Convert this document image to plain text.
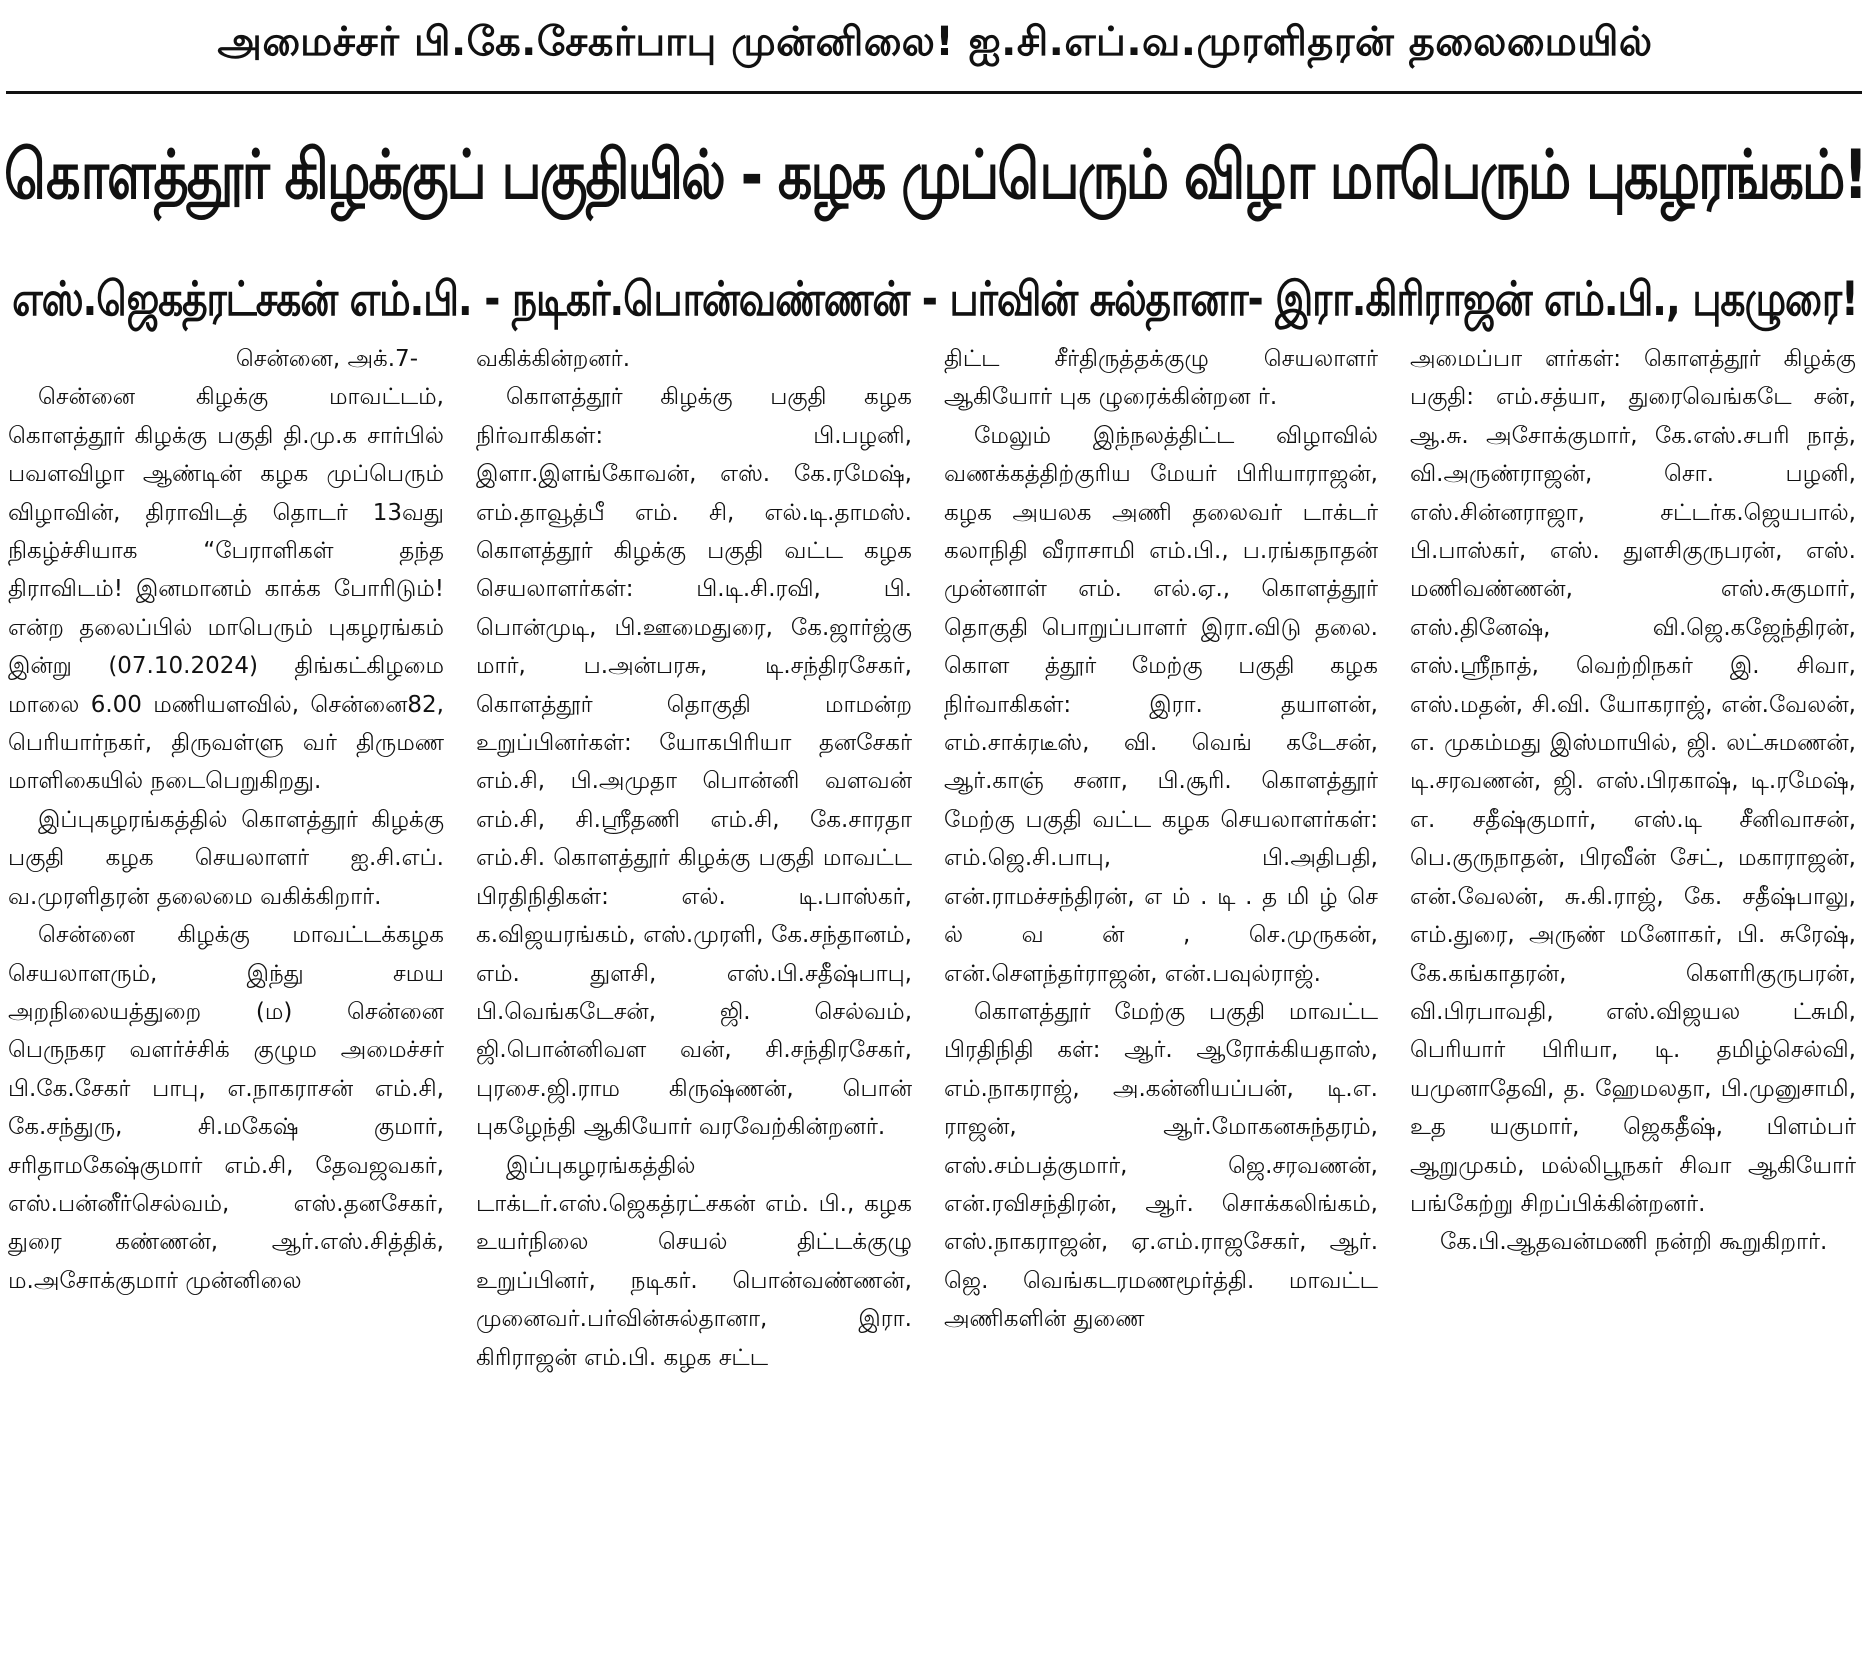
அமைச்சர் பி.கே.சேகர்பாபு முன்னிலை! ஐ.சி.எப்.வ.முரளிதரன் தலைமையில்
கொளத்தூர் கிழக்குப் பகுதியில் - கழக முப்பெரும் விழா மாபெரும் புகழரங்கம்!
எஸ்.ஜெகத்ரட்சகன் எம்.பி. - நடிகர்.பொன்வண்ணன் - பர்வின் சுல்தானா- இரா.கிரிராஜன் எம்.பி., புகழுரை!

சென்னை, அக்.7-

சென்னை கிழக்கு மாவட்டம், கொளத்தூர் கிழக்கு பகுதி தி.மு.க சார்பில் பவளவிழா ஆண்டின் கழக முப்பெரும் விழாவின், திராவிடத் தொடர் 13வது நிகழ்ச்சியாக “பேராளிகள் தந்த திராவிடம்! இனமானம் காக்க போரிடும்! என்ற தலைப்பில் மாபெரும் புகழரங்கம் இன்று (07.10.2024) திங்கட்கிழமை மாலை 6.00 மணியளவில், சென்னை82, பெரியார்நகர், திருவள்ளு வர் திருமண மாளிகையில் நடைபெறுகிறது.

இப்புகழரங்கத்தில் கொளத்தூர் கிழக்கு பகுதி கழக செயலாளர் ஐ.சி.எப். வ.முரளிதரன் தலைமை வகிக்கிறார்.

சென்னை கிழக்கு மாவட்டக்கழக செயலாளரும், இந்து சமய அறநிலையத்துறை (ம) சென்னை பெருநகர வளர்ச்சிக் குழும அமைச்சர் பி.கே.சேகர் பாபு, எ.நாகராசன் எம்.சி, கே.சந்துரு, சி.மகேஷ் குமார், சரிதாமகேஷ்குமார் எம்.சி, தேவஜவகர், எஸ்.பன்னீர்செல்வம், எஸ்.தனசேகர், துரை கண்ணன், ஆர்.எஸ்.சித்திக், ம.அசோக்குமார் முன்னிலை

வகிக்கின்றனர்.

கொளத்தூர் கிழக்கு பகுதி கழக நிர்வாகிகள்: பி.பழனி, இளா.இளங்கோவன், எஸ். கே.ரமேஷ், எம்.தாவூத்பீ எம். சி, எல்.டி.தாமஸ். கொளத்தூர் கிழக்கு பகுதி வட்ட கழக செயலாளர்கள்: பி.டி.சி.ரவி, பி. பொன்முடி, பி.ஊமைதுரை, கே.ஜார்ஜ்கு மார், ப.அன்பரசு, டி.சந்திரசேகர், கொளத்தூர் தொகுதி மாமன்ற உறுப்பினர்கள்: யோகபிரியா தனசேகர் எம்.சி, பி.அமுதா பொன்னி வளவன் எம்.சி, சி.ஸ்ரீதணி எம்.சி, கே.சாரதா எம்.சி. கொளத்தூர் கிழக்கு பகுதி மாவட்ட பிரதிநிதிகள்: எல். டி.பாஸ்கர், க.விஜயரங்கம், எஸ்.முரளி, கே.சந்தானம், எம். துளசி, எஸ்.பி.சதீஷ்பாபு, பி.வெங்கடேசன், ஜி. செல்வம், ஜி.பொன்னிவள வன், சி.சந்திரசேகர், புரசை.ஜி.ராம கிருஷ்ணன், பொன் புகழேந்தி ஆகியோர் வரவேற்கின்றனர்.

இப்புகழரங்கத்தில் டாக்டர்.எஸ்.ஜெகத்ரட்சகன் எம். பி., கழக உயர்நிலை செயல் திட்டக்குழு உறுப்பினர், நடிகர். பொன்வண்ணன், முனைவர்.பர்வின்சுல்தானா, இரா. கிரிராஜன் எம்.பி. கழக சட்ட

திட்ட சீர்திருத்தக்குழு செயலாளர் ஆகியோர் புக ழுரைக்கின்றன ர்.

மேலும் இந்நலத்திட்ட விழாவில் வணக்கத்திற்குரிய மேயர் பிரியாராஜன், கழக அயலக அணி தலைவர் டாக்டர் கலாநிதி வீராசாமி எம்.பி., ப.ரங்கநாதன் முன்னாள் எம். எல்.ஏ., கொளத்தூர் தொகுதி பொறுப்பாளர் இரா.விடு தலை. கொள த்தூர் மேற்கு பகுதி கழக நிர்வாகிகள்: இரா. தயாளன், எம்.சாக்ரடீஸ், வி. வெங் கடேசன், ஆர்.காஞ் சனா, பி.சூரி. கொளத்தூர் மேற்கு பகுதி வட்ட கழக செயலாளர்கள்: எம்.ஜெ.சி.பாபு, பி.அதிபதி, என்.ராமச்சந்திரன், எ ம் . டி . த மி ழ் செ ல் வ ன் , செ.முருகன், என்.சௌந்தர்ராஜன், என்.பவுல்ராஜ்.

கொளத்தூர் மேற்கு பகுதி மாவட்ட பிரதிநிதி கள்: ஆர். ஆரோக்கியதாஸ், எம்.நாகராஜ், அ.கன்னியப்பன், டி.எ. ராஜன், ஆர்.மோகனசுந்தரம், எஸ்.சம்பத்குமார், ஜெ.சரவணன், என்.ரவிசந்திரன், ஆர். சொக்கலிங்கம், எஸ்.நாகராஜன், ஏ.எம்.ராஜசேகர், ஆர். ஜெ. வெங்கடரமணமூர்த்தி. மாவட்ட அணிகளின் துணை

அமைப்பா ளர்கள்: கொளத்தூர் கிழக்கு பகுதி: எம்.சத்யா, துரைவெங்கடே சன், ஆ.சு. அசோக்குமார், கே.எஸ்.சபரி நாத், வி.அருண்ராஜன், சொ. பழனி, எஸ்.சின்னராஜா, சட்டர்க.ஜெயபால், பி.பாஸ்கர், எஸ். துளசிகுருபரன், எஸ். மணிவண்ணன், எஸ்.சுகுமார், எஸ்.தினேஷ், வி.ஜெ.கஜேந்திரன், எஸ்.ஸ்ரீநாத், வெற்றிநகர் இ. சிவா, எஸ்.மதன், சி.வி. யோகராஜ், என்.வேலன், எ. முகம்மது இஸ்மாயில், ஜி. லட்சுமணன், டி.சரவணன், ஜி. எஸ்.பிரகாஷ், டி.ரமேஷ், எ. சதீஷ்குமார், எஸ்.டி சீனிவாசன், பெ.குருநாதன், பிரவீன் சேட், மகாராஜன், என்.வேலன், சு.கி.ராஜ், கே. சதீஷ்பாலு, எம்.துரை, அருண் மனோகர், பி. சுரேஷ், கே.கங்காதரன், கௌரிகுருபரன், வி.பிரபாவதி, எஸ்.விஜயல ட்சுமி, பெரியார் பிரியா, டி. தமிழ்செல்வி, யமுனாதேவி, த. ஹேமலதா, பி.முனுசாமி, உத யகுமார், ஜெகதீஷ், பிளம்பர் ஆறுமுகம், மல்லிபூநகர் சிவா ஆகியோர் பங்கேற்று சிறப்பிக்கின்றனர்.

கே.பி.ஆதவன்மணி நன்றி கூறுகிறார்.
